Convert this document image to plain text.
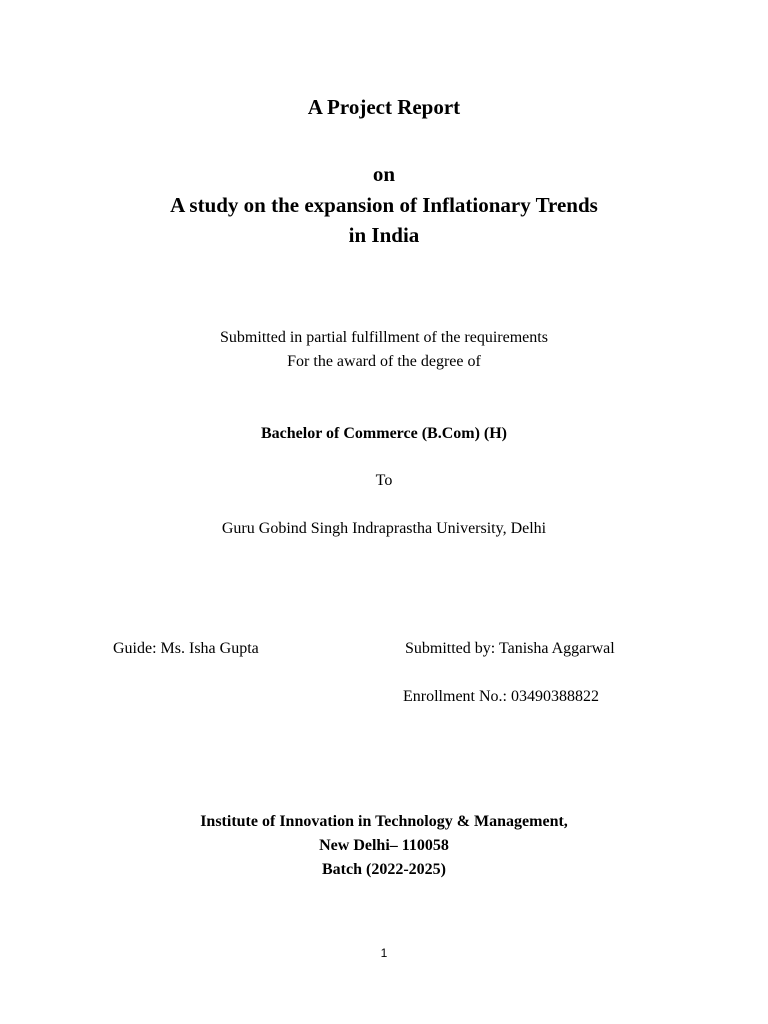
A Project Report
on
A study on the expansion of Inflationary Trends
in India
Submitted in partial fulfillment of the requirements
For the award of the degree of
Bachelor of Commerce (B.Com) (H)
To
Guru Gobind Singh Indraprastha University, Delhi
Guide: Ms. Isha Gupta	Submitted by: Tanisha Aggarwal
Enrollment No.: 03490388822
Institute of Innovation in Technology & Management,
New Delhi– 110058
Batch (2022-2025)
1
